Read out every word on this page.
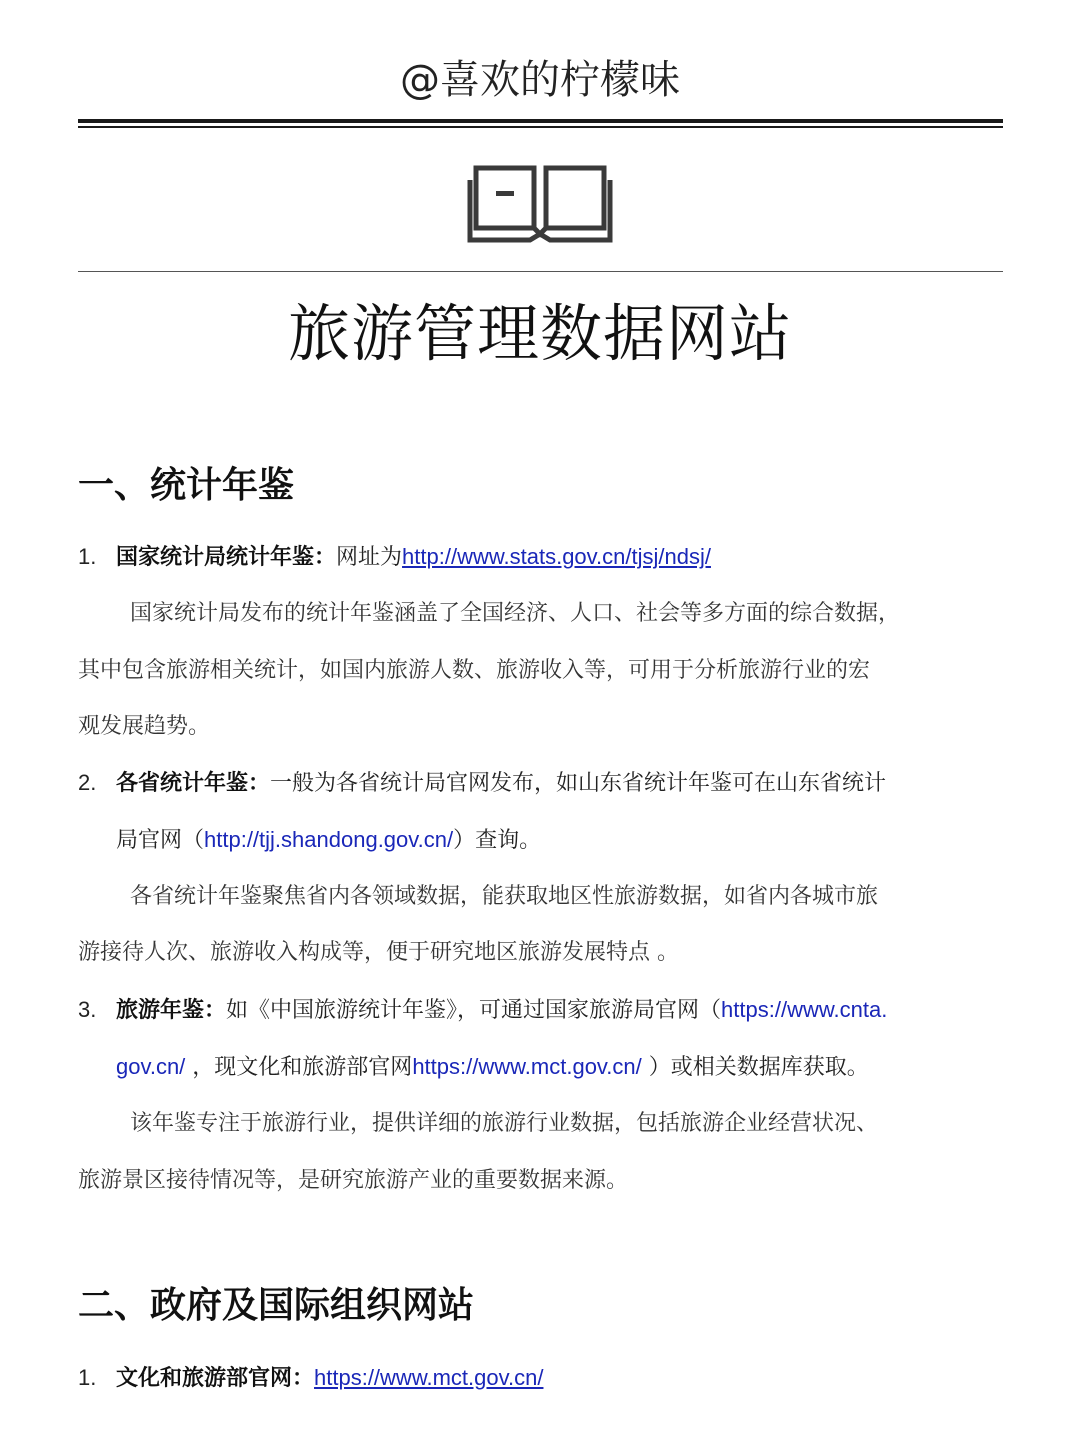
@喜欢的柠檬味
旅游管理数据网站
一、统计年鉴
1. 国家统计局统计年鉴：网址为http://www.stats.gov.cn/tjsj/ndsj/
国家统计局发布的统计年鉴涵盖了全国经济、人口、社会等多方面的综合数据，
其中包含旅游相关统计，如国内旅游人数、旅游收入等，可用于分析旅游行业的宏
观发展趋势。
2. 各省统计年鉴：一般为各省统计局官网发布，如山东省统计年鉴可在山东省统计
局官网（http://tjj.shandong.gov.cn/）查询。
各省统计年鉴聚焦省内各领域数据，能获取地区性旅游数据，如省内各城市旅
游接待人次、旅游收入构成等，便于研究地区旅游发展特点 。
3. 旅游年鉴：如《中国旅游统计年鉴》，可通过国家旅游局官网（https://www.cnta.
gov.cn/ ，现文化和旅游部官网https://www.mct.gov.cn/ ）或相关数据库获取。
该年鉴专注于旅游行业，提供详细的旅游行业数据，包括旅游企业经营状况、
旅游景区接待情况等，是研究旅游产业的重要数据来源。
二、政府及国际组织网站
1. 文化和旅游部官网：https://www.mct.gov.cn/
